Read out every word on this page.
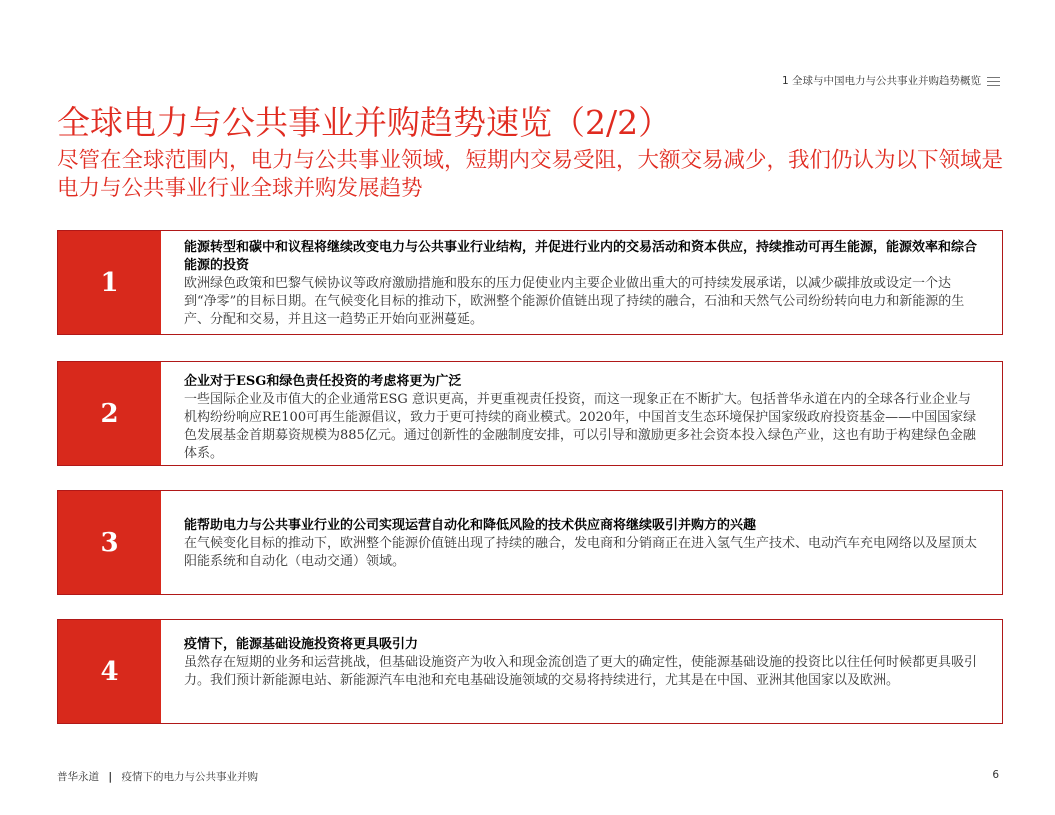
1 全球与中国电力与公共事业并购趋势概览
全球电力与公共事业并购趋势速览（2/2）
尽管在全球范围内，电力与公共事业领域，短期内交易受阻，大额交易减少，我们仍认为以下领域是电力与公共事业行业全球并购发展趋势
1
能源转型和碳中和议程将继续改变电力与公共事业行业结构，并促进行业内的交易活动和资本供应，持续推动可再生能源，能源效率和综合能源的投资
欧洲绿色政策和巴黎气候协议等政府激励措施和股东的压力促使业内主要企业做出重大的可持续发展承诺，以减少碳排放或设定一个达到“净零”的目标日期。在气候变化目标的推动下，欧洲整个能源价值链出现了持续的融合，石油和天然气公司纷纷转向电力和新能源的生产、分配和交易，并且这一趋势正开始向亚洲蔓延。
2
企业对于ESG和绿色责任投资的考虑将更为广泛
一些国际企业及市值大的企业通常ESG 意识更高，并更重视责任投资，而这一现象正在不断扩大。包括普华永道在内的全球各行业企业与机构纷纷响应RE100可再生能源倡议，致力于更可持续的商业模式。2020年，中国首支生态环境保护国家级政府投资基金——中国国家绿色发展基金首期募资规模为885亿元。通过创新性的金融制度安排，可以引导和激励更多社会资本投入绿色产业，这也有助于构建绿色金融体系。
3
能帮助电力与公共事业行业的公司实现运营自动化和降低风险的技术供应商将继续吸引并购方的兴趣
在气候变化目标的推动下，欧洲整个能源价值链出现了持续的融合，发电商和分销商正在进入氢气生产技术、电动汽车充电网络以及屋顶太阳能系统和自动化（电动交通）领域。
4
疫情下，能源基础设施投资将更具吸引力
虽然存在短期的业务和运营挑战，但基础设施资产为收入和现金流创造了更大的确定性，使能源基础设施的投资比以往任何时候都更具吸引力。我们预计新能源电站、新能源汽车电池和充电基础设施领域的交易将持续进行，尤其是在中国、亚洲其他国家以及欧洲。
普华永道 | 疫情下的电力与公共事业并购	6
